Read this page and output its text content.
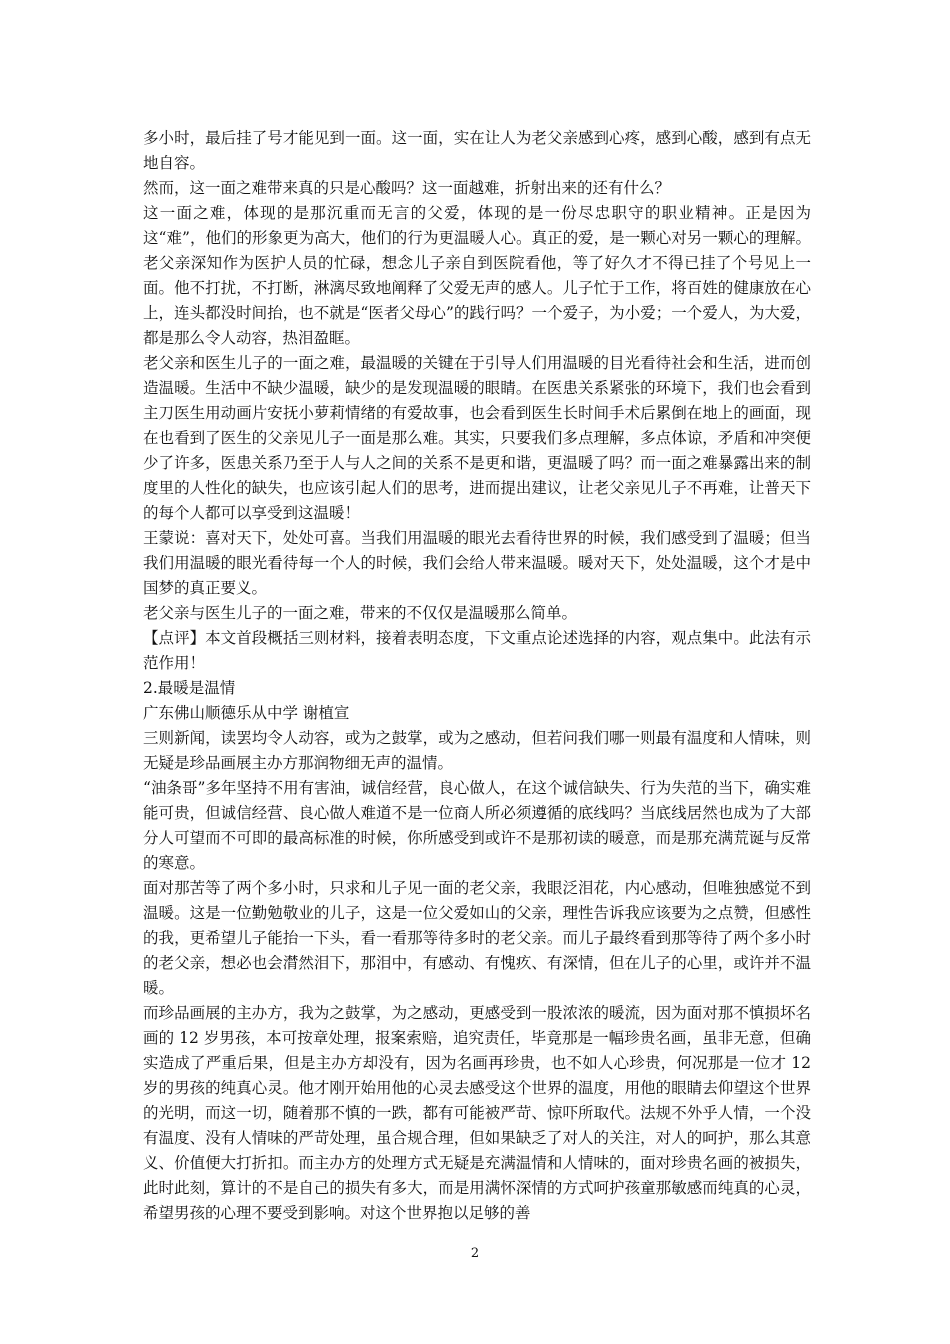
多小时，最后挂了号才能见到一面。这一面，实在让人为老父亲感到心疼，感到心酸，感到有点无地自容。

然而，这一面之难带来真的只是心酸吗？这一面越难，折射出来的还有什么？

这一面之难，体现的是那沉重而无言的父爱，体现的是一份尽忠职守的职业精神。正是因为这“难”，他们的形象更为高大，他们的行为更温暖人心。真正的爱，是一颗心对另一颗心的理解。老父亲深知作为医护人员的忙碌，想念儿子亲自到医院看他，等了好久才不得已挂了个号见上一面。他不打扰，不打断，淋漓尽致地阐释了父爱无声的感人。儿子忙于工作，将百姓的健康放在心上，连头都没时间抬，也不就是“医者父母心”的践行吗？一个爱子，为小爱；一个爱人，为大爱，都是那么令人动容，热泪盈眶。

老父亲和医生儿子的一面之难，最温暖的关键在于引导人们用温暖的目光看待社会和生活，进而创造温暖。生活中不缺少温暖，缺少的是发现温暖的眼睛。在医患关系紧张的环境下，我们也会看到主刀医生用动画片安抚小萝莉情绪的有爱故事，也会看到医生长时间手术后累倒在地上的画面，现在也看到了医生的父亲见儿子一面是那么难。其实，只要我们多点理解，多点体谅，矛盾和冲突便少了许多，医患关系乃至于人与人之间的关系不是更和谐，更温暖了吗？而一面之难暴露出来的制度里的人性化的缺失，也应该引起人们的思考，进而提出建议，让老父亲见儿子不再难，让普天下的每个人都可以享受到这温暖！

王蒙说：喜对天下，处处可喜。当我们用温暖的眼光去看待世界的时候，我们感受到了温暖；但当我们用温暖的眼光看待每一个人的时候，我们会给人带来温暖。暖对天下，处处温暖，这个才是中国梦的真正要义。

老父亲与医生儿子的一面之难，带来的不仅仅是温暖那么简单。

【点评】本文首段概括三则材料，接着表明态度，下文重点论述选择的内容，观点集中。此法有示范作用！

2.最暖是温情

广东佛山顺德乐从中学 谢植宣

三则新闻，读罢均令人动容，或为之鼓掌，或为之感动，但若问我们哪一则最有温度和人情味，则无疑是珍品画展主办方那润物细无声的温情。

“油条哥”多年坚持不用有害油，诚信经营，良心做人，在这个诚信缺失、行为失范的当下，确实难能可贵，但诚信经营、良心做人难道不是一位商人所必须遵循的底线吗？当底线居然也成为了大部分人可望而不可即的最高标准的时候，你所感受到或许不是那初读的暖意，而是那充满荒诞与反常的寒意。

面对那苦等了两个多小时，只求和儿子见一面的老父亲，我眼泛泪花，内心感动，但唯独感觉不到温暖。这是一位勤勉敬业的儿子，这是一位父爱如山的父亲，理性告诉我应该要为之点赞，但感性的我，更希望儿子能抬一下头，看一看那等待多时的老父亲。而儿子最终看到那等待了两个多小时的老父亲，想必也会潸然泪下，那泪中，有感动、有愧疚、有深情，但在儿子的心里，或许并不温暖。

而珍品画展的主办方，我为之鼓掌，为之感动，更感受到一股浓浓的暖流，因为面对那不慎损坏名画的 12 岁男孩，本可按章处理，报案索赔，追究责任，毕竟那是一幅珍贵名画，虽非无意，但确实造成了严重后果，但是主办方却没有，因为名画再珍贵，也不如人心珍贵，何况那是一位才 12 岁的男孩的纯真心灵。他才刚开始用他的心灵去感受这个世界的温度，用他的眼睛去仰望这个世界的光明，而这一切，随着那不慎的一跌，都有可能被严苛、惊吓所取代。法规不外乎人情，一个没有温度、没有人情味的严苛处理，虽合规合理，但如果缺乏了对人的关注，对人的呵护，那么其意义、价值便大打折扣。而主办方的处理方式无疑是充满温情和人情味的，面对珍贵名画的被损失，此时此刻，算计的不是自己的损失有多大，而是用满怀深情的方式呵护孩童那敏感而纯真的心灵，希望男孩的心理不要受到影响。对这个世界抱以足够的善

2
